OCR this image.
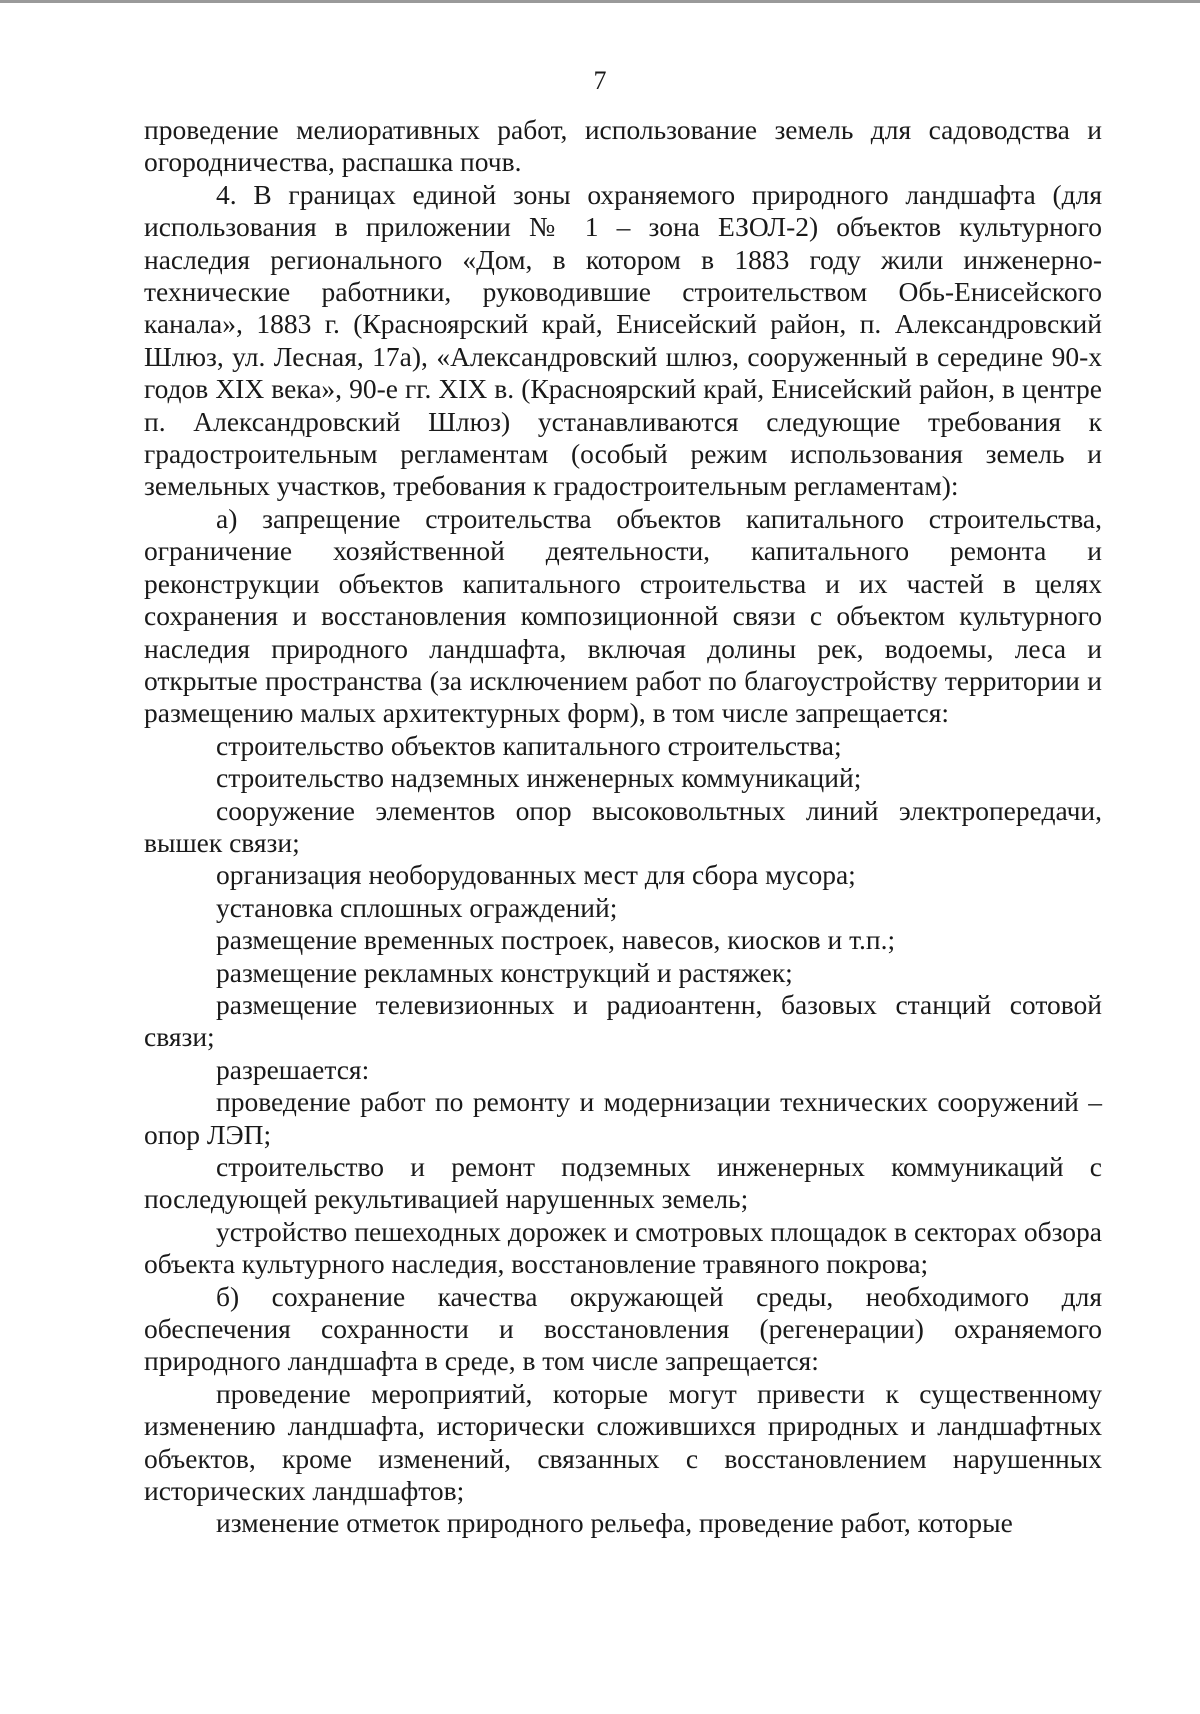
7

проведение мелиоративных работ, использование земель для садоводства и огородничества, распашка почв.

4. В границах единой зоны охраняемого природного ландшафта (для использования в приложении № 1 – зона ЕЗОЛ-2) объектов культурного наследия регионального «Дом, в котором в 1883 году жили инженерно-технические работники, руководившие строительством Обь-Енисейского канала», 1883 г. (Красноярский край, Енисейский район, п. Александровский Шлюз, ул. Лесная, 17а), «Александровский шлюз, сооруженный в середине 90-х годов XIX века», 90-е гг. XIX в. (Красноярский край, Енисейский район, в центре п. Александровский Шлюз) устанавливаются следующие требования к градостроительным регламентам (особый режим использования земель и земельных участков, требования к градостроительным регламентам):

а) запрещение строительства объектов капитального строительства, ограничение хозяйственной деятельности, капитального ремонта и реконструкции объектов капитального строительства и их частей в целях сохранения и восстановления композиционной связи с объектом культурного наследия природного ландшафта, включая долины рек, водоемы, леса и открытые пространства (за исключением работ по благоустройству территории и размещению малых архитектурных форм), в том числе запрещается:

строительство объектов капитального строительства;

строительство надземных инженерных коммуникаций;

сооружение элементов опор высоковольтных линий электропередачи, вышек связи;

организация необорудованных мест для сбора мусора;

установка сплошных ограждений;

размещение временных построек, навесов, киосков и т.п.;

размещение рекламных конструкций и растяжек;

размещение телевизионных и радиоантенн, базовых станций сотовой связи;

разрешается:

проведение работ по ремонту и модернизации технических сооружений – опор ЛЭП;

строительство и ремонт подземных инженерных коммуникаций с последующей рекультивацией нарушенных земель;

устройство пешеходных дорожек и смотровых площадок в секторах обзора объекта культурного наследия, восстановление травяного покрова;

б) сохранение качества окружающей среды, необходимого для обеспечения сохранности и восстановления (регенерации) охраняемого природного ландшафта в среде, в том числе запрещается:

проведение мероприятий, которые могут привести к существенному изменению ландшафта, исторически сложившихся природных и ландшафтных объектов, кроме изменений, связанных с восстановлением нарушенных исторических ландшафтов;

изменение отметок природного рельефа, проведение работ, которые
